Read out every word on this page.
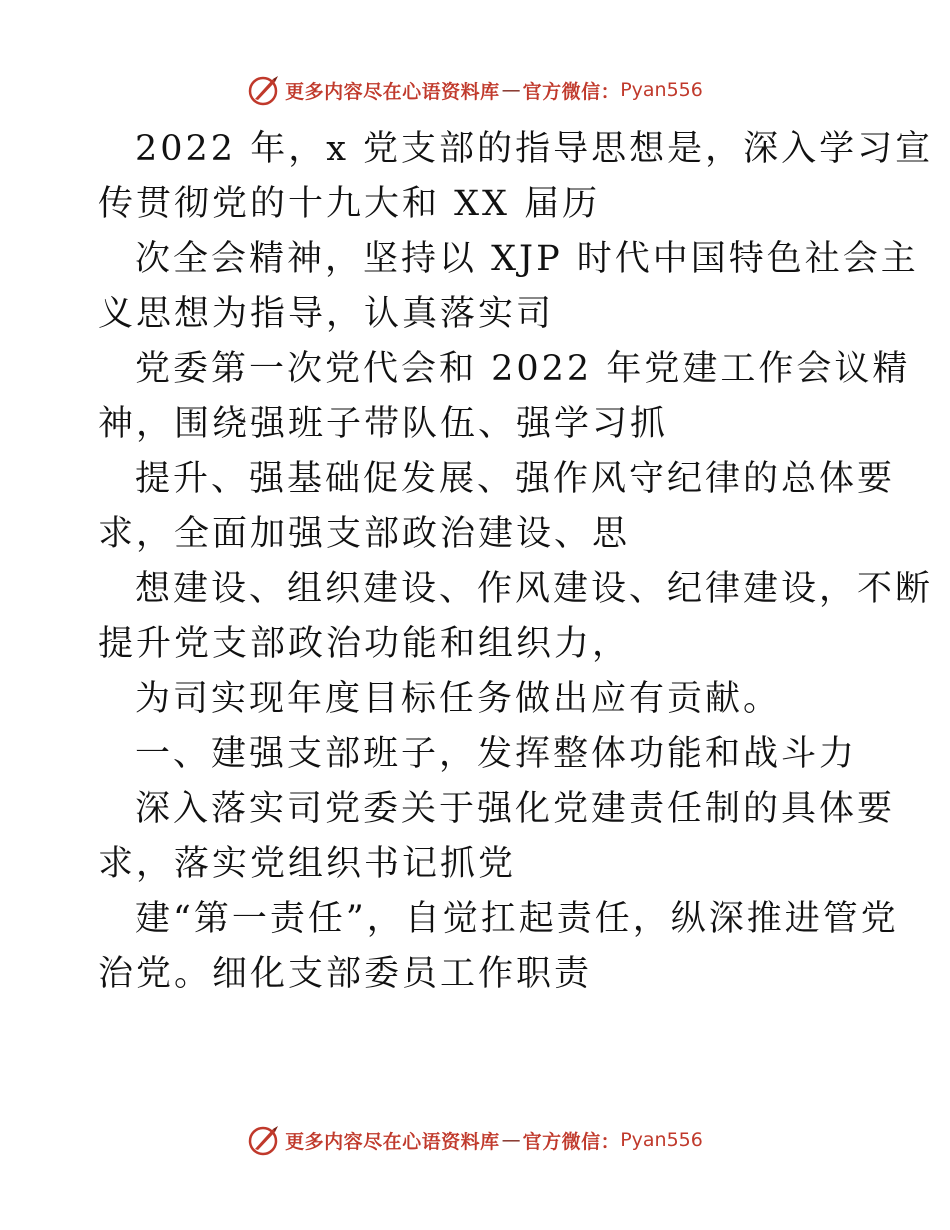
更多内容尽在心语资料库 — 官方微信： Pyan556
2022 年，x 党支部的指导思想是，深入学习宣
传贯彻党的十九大和 XX 届历
次全会精神，坚持以 XJP 时代中国特色社会主
义思想为指导，认真落实司
党委第一次党代会和 2022 年党建工作会议精
神，围绕强班子带队伍、强学习抓
提升、强基础促发展、强作风守纪律的总体要
求，全面加强支部政治建设、思
想建设、组织建设、作风建设、纪律建设，不断
提升党支部政治功能和组织力，
为司实现年度目标任务做出应有贡献。
一、建强支部班子，发挥整体功能和战斗力
深入落实司党委关于强化党建责任制的具体要
求，落实党组织书记抓党
建“第一责任”，自觉扛起责任，纵深推进管党
治党。细化支部委员工作职责
更多内容尽在心语资料库 — 官方微信： Pyan556
